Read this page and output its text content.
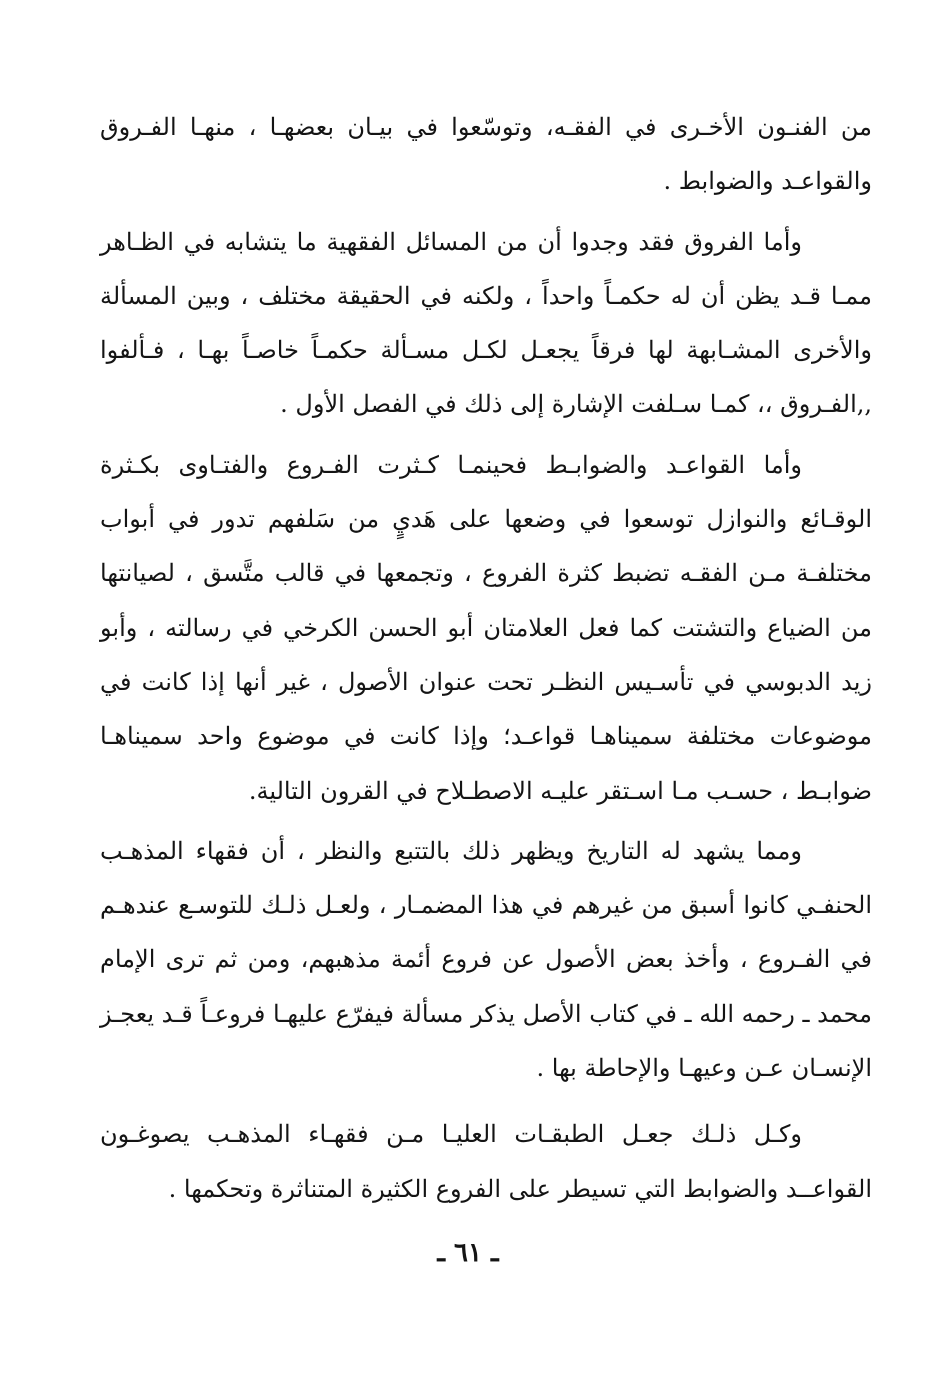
من الفنـون الأخـرى في الفقـه، وتوسّعوا في بيـان بعضهـا ، منهـا الفـروق والقواعـد والضوابط .

وأما الفروق فقد وجدوا أن من المسائل الفقهية ما يتشابه في الظـاهر ممـا قـد يظن أن له حكمـاً واحداً ، ولكنه في الحقيقة مختلف ، وبين المسألة والأخرى المشـابهة لها فرقاً يجعـل لكـل مسـألة حكمـاً خاصـاً بهـا ، فـألفوا ,,الفـروق ،، كمـا سـلفت الإشارة إلى ذلك في الفصل الأول .

وأما القواعـد والضوابـط فحينمـا كـثرت الفـروع والفتـاوى بكـثرة الوقـائع والنوازل توسعوا في وضعها على هَديٍ من سَلفهم تدور في أبواب مختلفـة مـن الفقـه تضبط كثرة الفروع ، وتجمعها في قالب متَّسق ، لصيانتها من الضياع والتشتت كما فعل العلامتان أبو الحسن الكرخي في رسالته ، وأبو زيد الدبوسي في تأسـيس النظـر تحت عنوان الأصول ، غير أنها إذا كانت في موضوعات مختلفة سميناهـا قواعـد؛ وإذا كانت في موضوع واحد سميناهـا ضوابـط ، حسـب مـا اسـتقر عليـه الاصطـلاح في القرون التالية.

ومما يشهد له التاريخ ويظهر ذلك بالتتبع والنظر ، أن فقهاء المذهـب الحنفـي كانوا أسبق من غيرهم في هذا المضمـار ، ولعـل ذلـك للتوسـع عندهـم في الفـروع ، وأخذ بعض الأصول عن فروع أئمة مذهبهم، ومن ثم ترى الإمام محمد ـ رحمه الله ـ في كتاب الأصل يذكر مسألة فيفرّع عليهـا فروعـاً قـد يعجـز الإنسـان عـن وعيهـا والإحاطة بها .

وكـل ذلـك جعـل الطبقـات العليـا مـن فقهـاء المذهـب يصوغـون القواعــد والضوابط التي تسيطر على الفروع الكثيرة المتناثرة وتحكمها .

ـ ٦١ ـ
